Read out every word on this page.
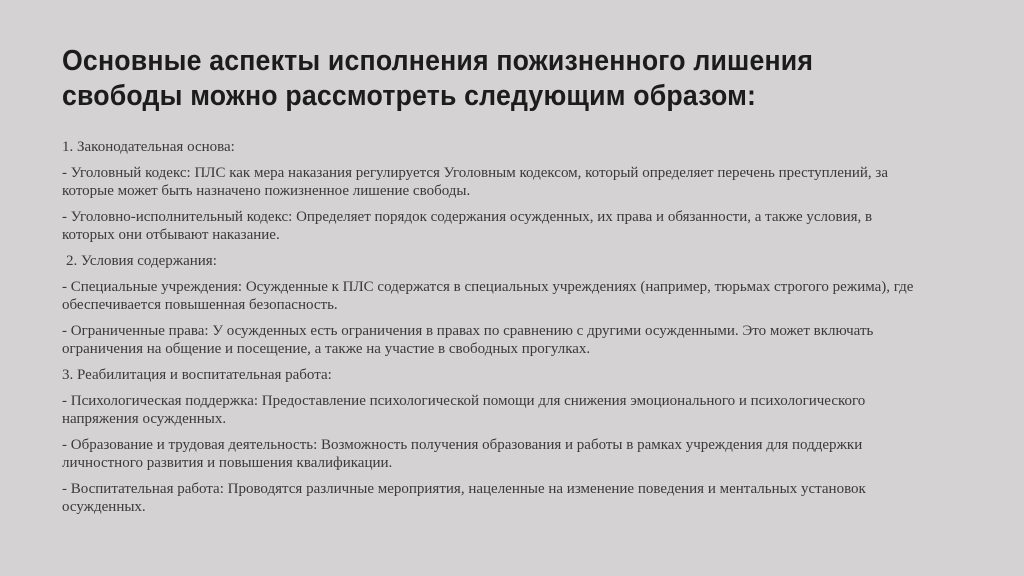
Основные аспекты исполнения пожизненного лишения
свободы можно рассмотреть следующим образом:

1. Законодательная основа:

- Уголовный кодекс: ПЛС как мера наказания регулируется Уголовным кодексом, который определяет перечень преступлений, за которые может быть назначено пожизненное лишение свободы.

- Уголовно-исполнительный кодекс: Определяет порядок содержания осужденных, их права и обязанности, а также условия, в которых они отбывают наказание.

2. Условия содержания:

- Специальные учреждения: Осужденные к ПЛС содержатся в специальных учреждениях (например, тюрьмах строгого режима), где обеспечивается повышенная безопасность.

- Ограниченные права: У осужденных есть ограничения в правах по сравнению с другими осужденными. Это может включать ограничения на общение и посещение, а также на участие в свободных прогулках.

3. Реабилитация и воспитательная работа:

- Психологическая поддержка: Предоставление психологической помощи для снижения эмоционального и психологического напряжения осужденных.

- Образование и трудовая деятельность: Возможность получения образования и работы в рамках учреждения для поддержки личностного развития и повышения квалификации.

- Воспитательная работа: Проводятся различные мероприятия, нацеленные на изменение поведения и ментальных установок осужденных.
